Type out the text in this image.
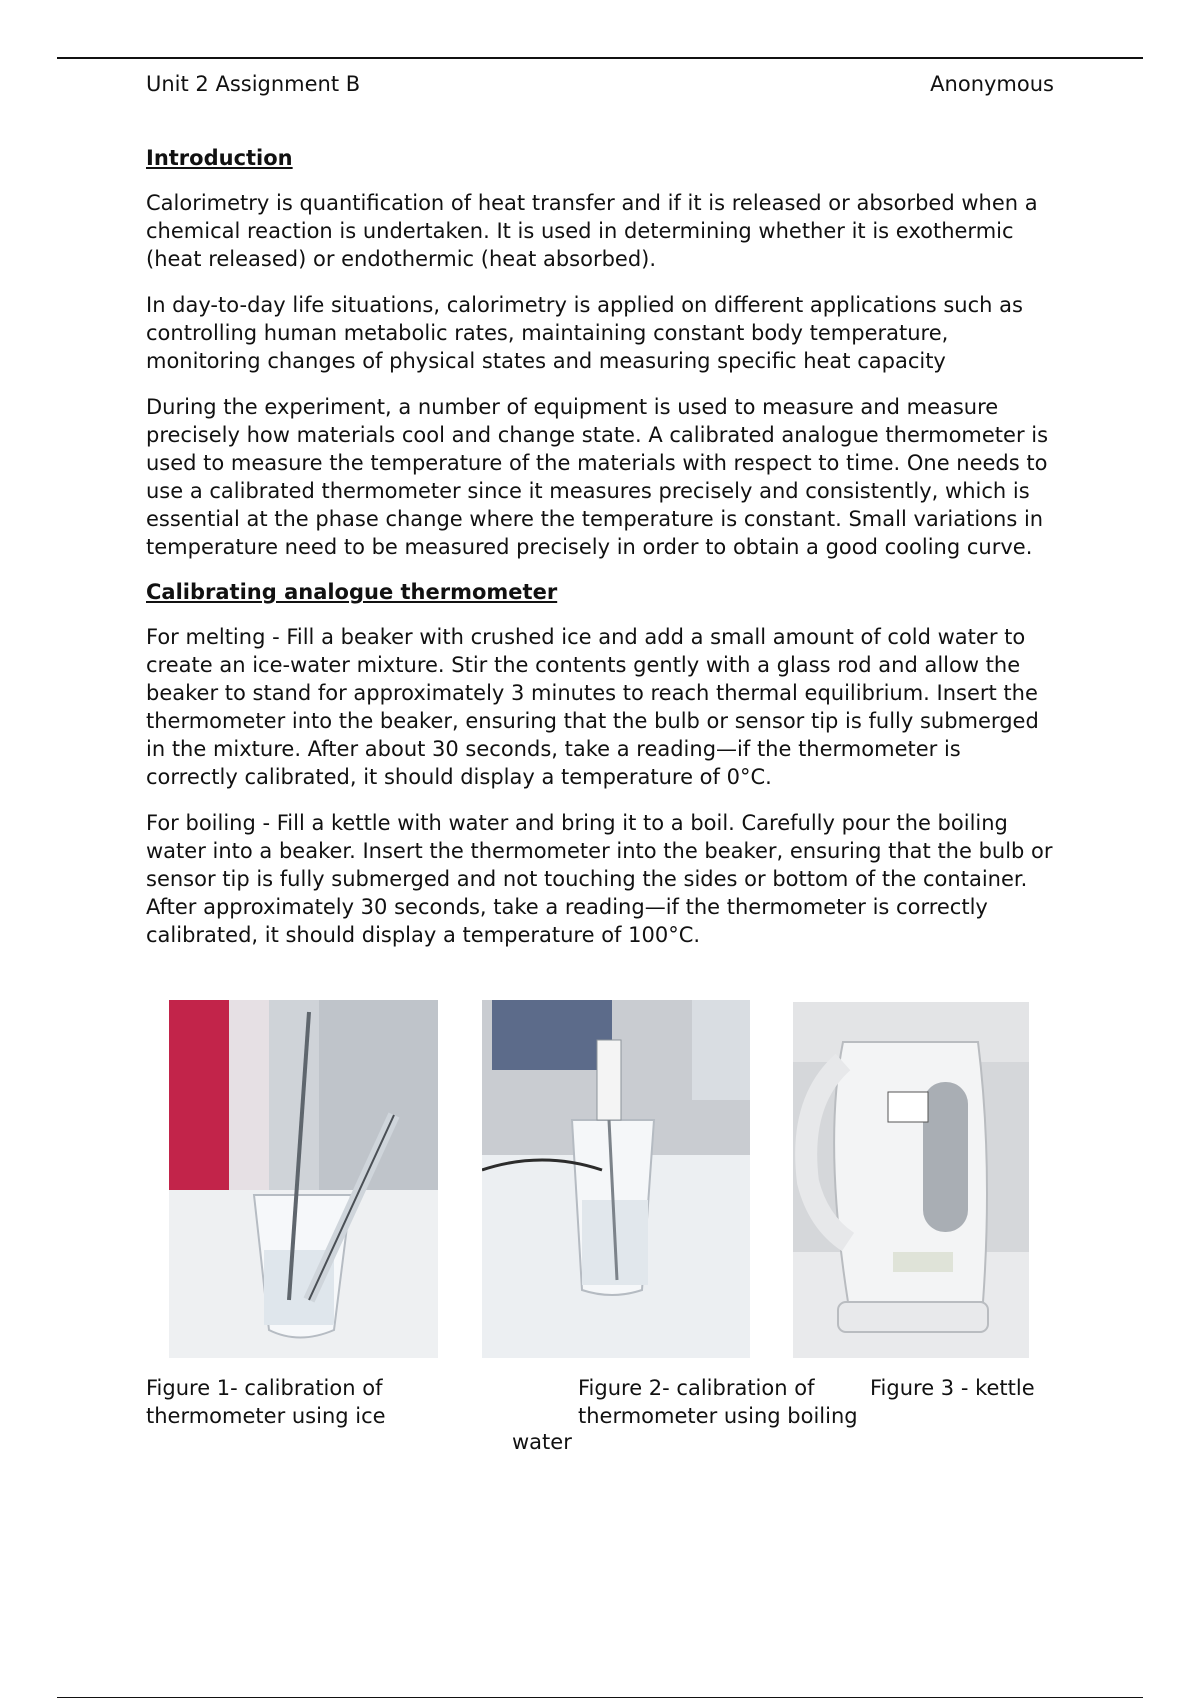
Unit 2 Assignment B	Anonymous
Introduction

Calorimetry is quantification of heat transfer and if it is released or absorbed when a chemical reaction is undertaken. It is used in determining whether it is exothermic (heat released) or endothermic (heat absorbed).

In day-to-day life situations, calorimetry is applied on different applications such as controlling human metabolic rates, maintaining constant body temperature, monitoring changes of physical states and measuring specific heat capacity

During the experiment, a number of equipment is used to measure and measure precisely how materials cool and change state. A calibrated analogue thermometer is used to measure the temperature of the materials with respect to time. One needs to use a calibrated thermometer since it measures precisely and consistently, which is essential at the phase change where the temperature is constant. Small variations in temperature need to be measured precisely in order to obtain a good cooling curve.

Calibrating analogue thermometer

For melting - Fill a beaker with crushed ice and add a small amount of cold water to create an ice-water mixture. Stir the contents gently with a glass rod and allow the beaker to stand for approximately 3 minutes to reach thermal equilibrium. Insert the thermometer into the beaker, ensuring that the bulb or sensor tip is fully submerged in the mixture. After about 30 seconds, take a reading—if the thermometer is correctly calibrated, it should display a temperature of 0°C.

For boiling - Fill a kettle with water and bring it to a boil. Carefully pour the boiling water into a beaker. Insert the thermometer into the beaker, ensuring that the bulb or sensor tip is fully submerged and not touching the sides or bottom of the container. After approximately 30 seconds, take a reading—if the thermometer is correctly calibrated, it should display a temperature of 100°C.

Figure 1- calibration of
thermometer using ice
Figure 2- calibration of
thermometer using boiling
water
Figure 3 - kettle
